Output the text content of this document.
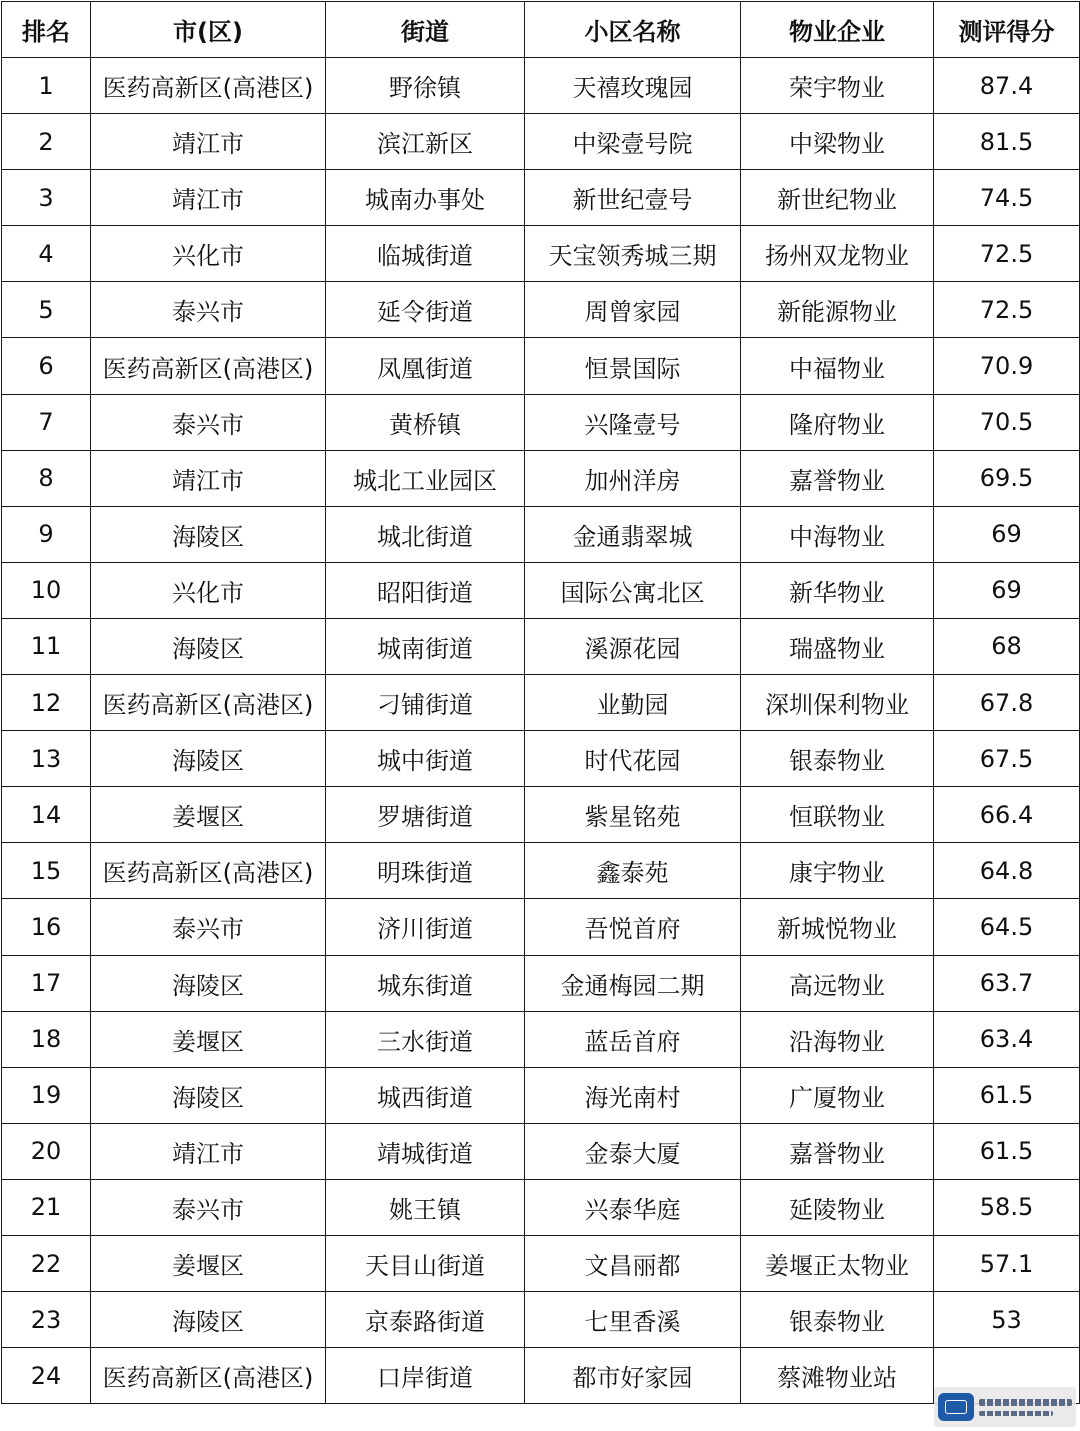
排名	市(区)	街道	小区名称	物业企业	测评得分
1	医药高新区(高港区)	野徐镇	天禧玫瑰园	荣宇物业	87.4
2	靖江市	滨江新区	中梁壹号院	中梁物业	81.5
3	靖江市	城南办事处	新世纪壹号	新世纪物业	74.5
4	兴化市	临城街道	天宝领秀城三期	扬州双龙物业	72.5
5	泰兴市	延令街道	周曾家园	新能源物业	72.5
6	医药高新区(高港区)	凤凰街道	恒景国际	中福物业	70.9
7	泰兴市	黄桥镇	兴隆壹号	隆府物业	70.5
8	靖江市	城北工业园区	加州洋房	嘉誉物业	69.5
9	海陵区	城北街道	金通翡翠城	中海物业	69
10	兴化市	昭阳街道	国际公寓北区	新华物业	69
11	海陵区	城南街道	溪源花园	瑞盛物业	68
12	医药高新区(高港区)	刁铺街道	业勤园	深圳保利物业	67.8
13	海陵区	城中街道	时代花园	银泰物业	67.5
14	姜堰区	罗塘街道	紫星铭苑	恒联物业	66.4
15	医药高新区(高港区)	明珠街道	鑫泰苑	康宇物业	64.8
16	泰兴市	济川街道	吾悦首府	新城悦物业	64.5
17	海陵区	城东街道	金通梅园二期	高远物业	63.7
18	姜堰区	三水街道	蓝岳首府	沿海物业	63.4
19	海陵区	城西街道	海光南村	广厦物业	61.5
20	靖江市	靖城街道	金泰大厦	嘉誉物业	61.5
21	泰兴市	姚王镇	兴泰华庭	延陵物业	58.5
22	姜堰区	天目山街道	文昌丽都	姜堰正太物业	57.1
23	海陵区	京泰路街道	七里香溪	银泰物业	53
24	医药高新区(高港区)	口岸街道	都市好家园	蔡滩物业站	
